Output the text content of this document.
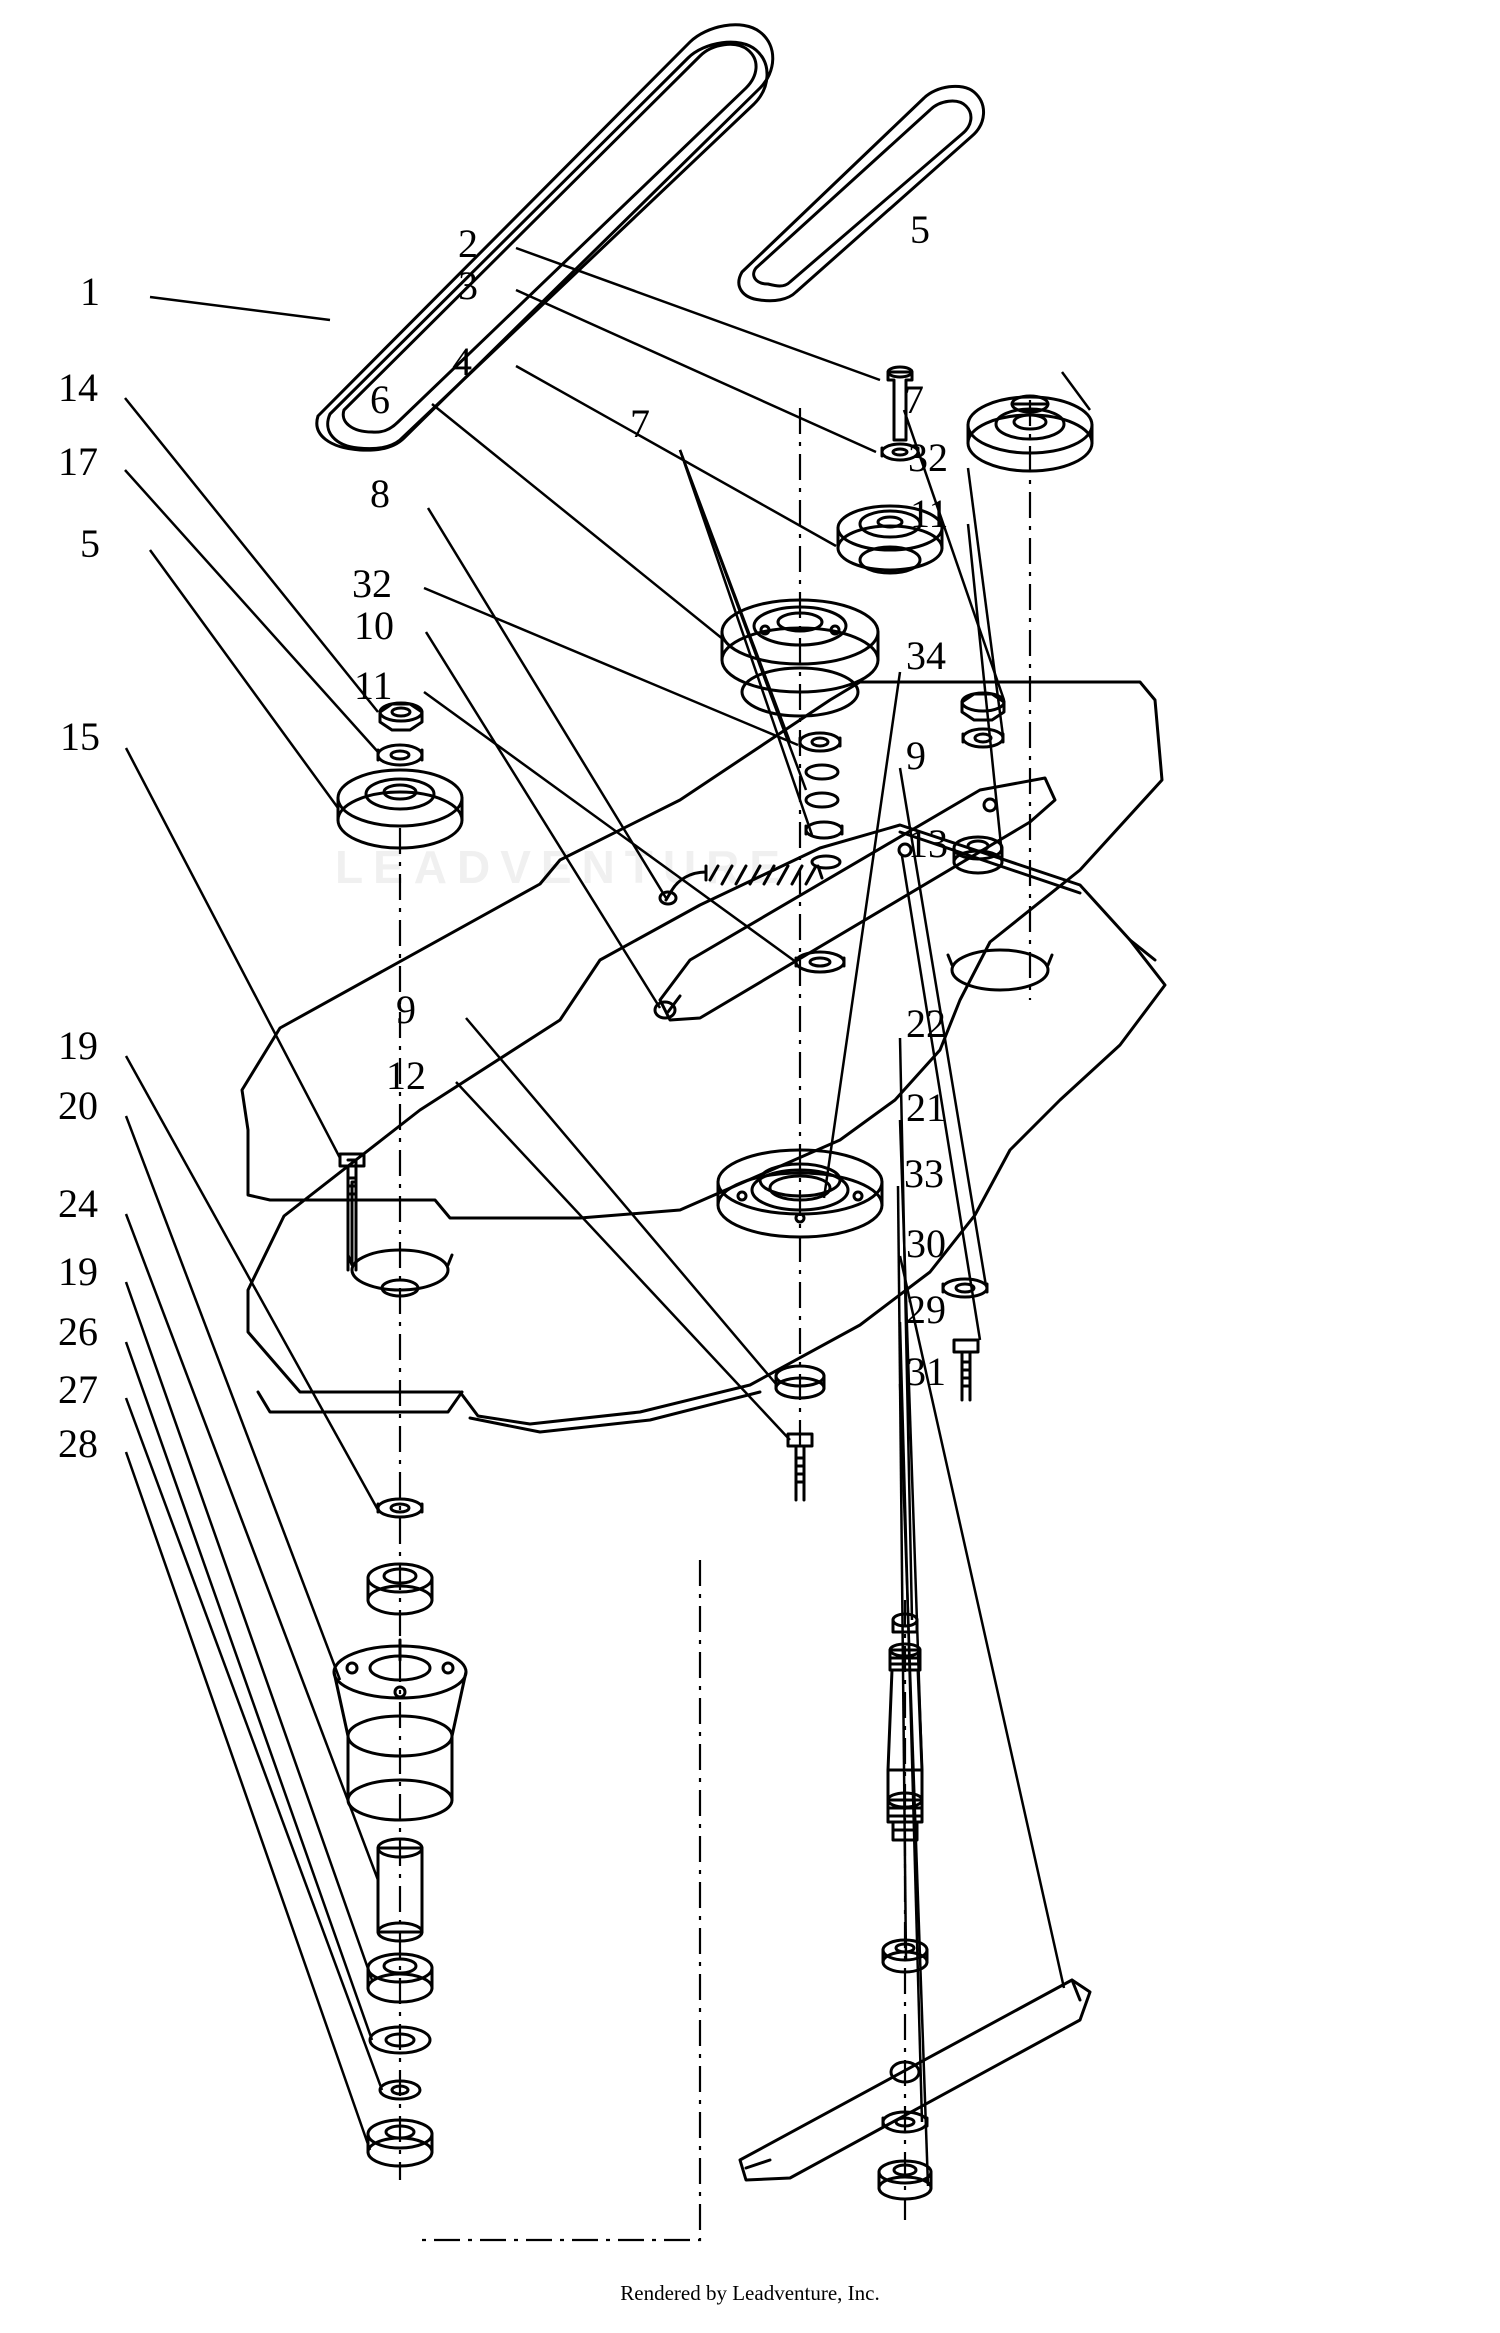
LEADVENTURE
1
2
3
5
4
6
14
17
5
7
7
32
11
8
32
10
11
34
15	9
13
9
12
19
20
24
19
26
27
28
22
21
33
30
29
31
Rendered by Leadventure, Inc.
